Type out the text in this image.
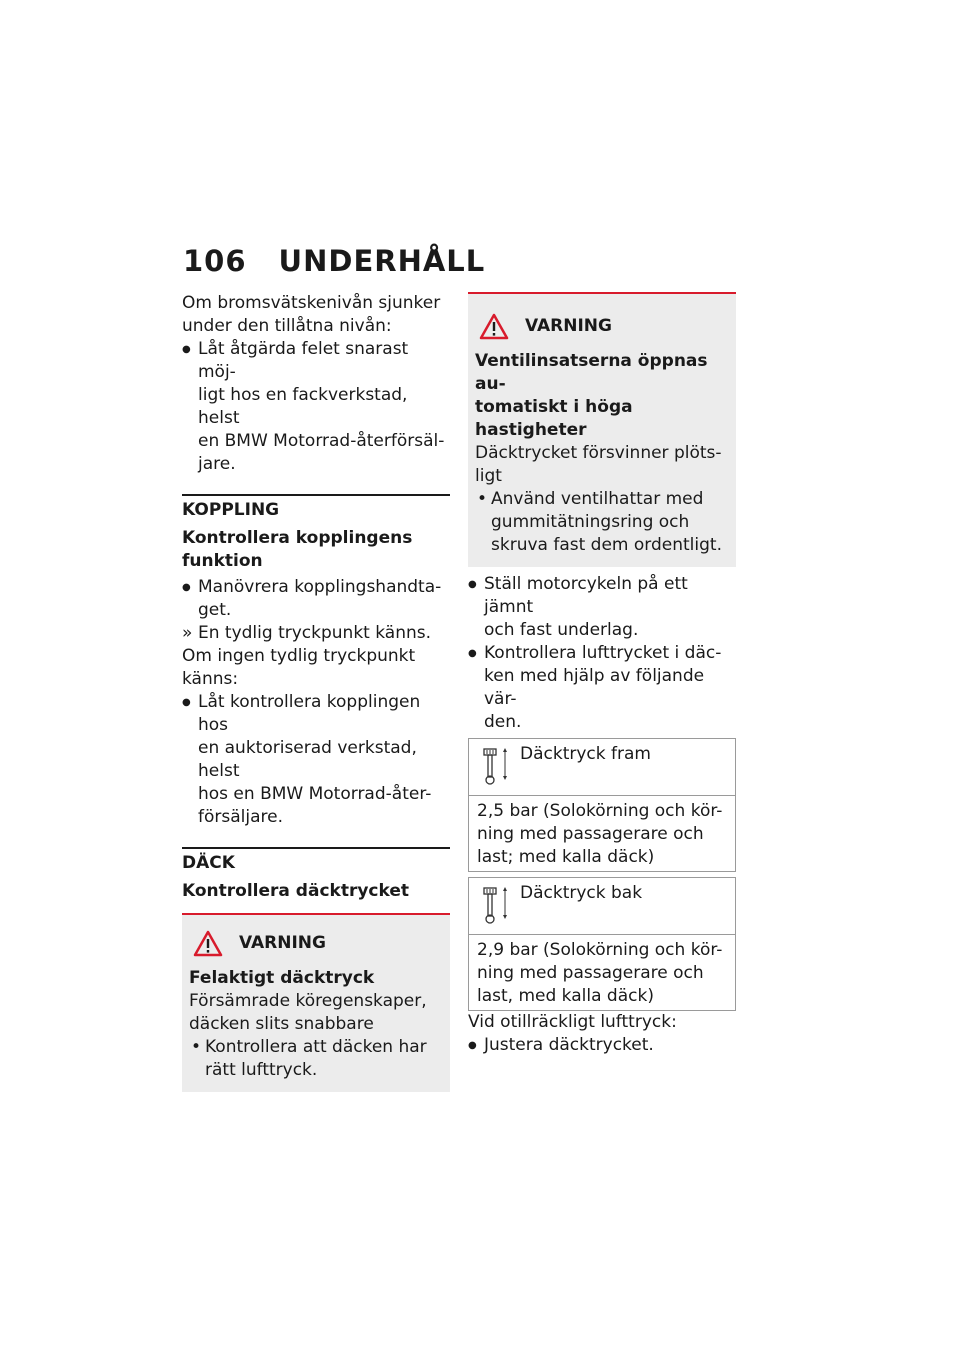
106 UNDERHÅLL

Om bromsvätskenivån sjunker
under den tillåtna nivån:

● Låt åtgärda felet snarast möj-
ligt hos en fackverkstad, helst
en BMW Motorrad-återförsäl-
jare.

KOPPLING

Kontrollera kopplingens
funktion

● Manövrera kopplingshandta-
get.

» En tydlig tryckpunkt känns.

Om ingen tydlig tryckpunkt
känns:

● Låt kontrollera kopplingen hos
en auktoriserad verkstad, helst
hos en BMW Motorrad-åter-
försäljare.

DÄCK

Kontrollera däcktrycket

VARNING

Felaktigt däcktryck

Försämrade köregenskaper,
däcken slits snabbare

• Kontrollera att däcken har
rätt lufttryck.

VARNING

Ventilinsatserna öppnas au-
tomatiskt i höga hastigheter

Däcktrycket försvinner plöts-
ligt

• Använd ventilhattar med
gummitätningsring och
skruva fast dem ordentligt.

● Ställ motorcykeln på ett jämnt
och fast underlag.

● Kontrollera lufttrycket i däc-
ken med hjälp av följande vär-
den.

Däcktryck fram
2,5 bar (Solokörning och kör-
ning med passagerare och
last; med kalla däck)
Däcktryck bak
2,9 bar (Solokörning och kör-
ning med passagerare och
last, med kalla däck)

Vid otillräckligt lufttryck:

● Justera däcktrycket.
